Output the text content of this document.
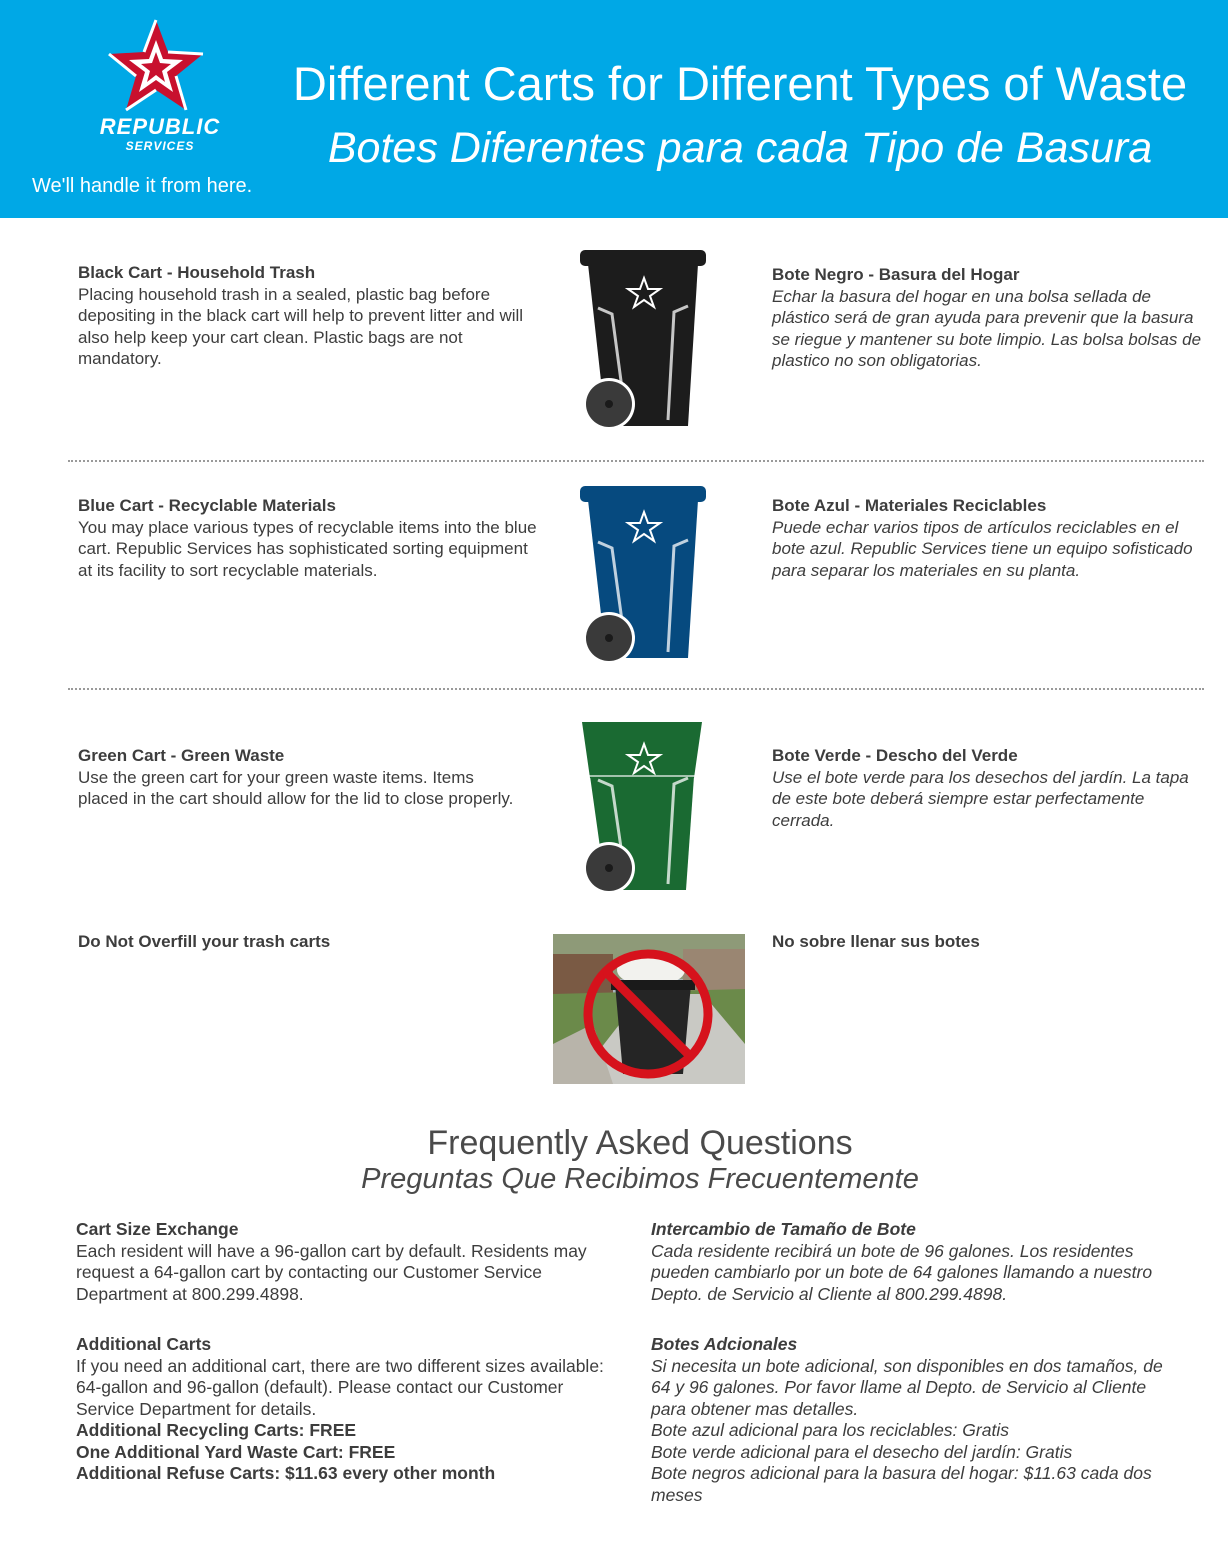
REPUBLIC
SERVICES
We'll handle it from here.
Different Carts for Different Types of Waste
Botes Diferentes para cada Tipo de Basura
Black Cart - Household Trash
Placing household trash in a sealed, plastic bag before depositing in the black cart will help to prevent litter and will also help keep your cart clean. Plastic bags are not mandatory.
Bote Negro - Basura del Hogar
Echar la basura del hogar en una bolsa sellada de plástico será de gran ayuda para prevenir que la basura se riegue y mantener su bote limpio. Las bolsa bolsas de plastico no son obligatorias.
Blue Cart - Recyclable Materials
You may place various types of recyclable items into the blue cart. Republic Services has sophisticated sorting equipment at its facility to sort recyclable materials.
Bote Azul - Materiales Reciclables
Puede echar varios tipos de artículos reciclables en el bote azul. Republic Services tiene un equipo sofisticado para separar los materiales en su planta.
Green Cart - Green Waste
Use the green cart for your green waste items. Items placed in the cart should allow for the lid to close properly.
Bote Verde - Descho del Verde
Use el bote verde para los desechos del jardín. La tapa de este bote deberá siempre estar perfectamente cerrada.
Do Not Overfill your trash carts	No sobre llenar sus botes
Frequently Asked Questions
Preguntas Que Recibimos Frecuentemente
Cart Size Exchange
Each resident will have a 96-gallon cart by default. Residents may request a 64-gallon cart by contacting our Customer Service Department at 800.299.4898.
Intercambio de Tamaño de Bote
Cada residente recibirá un bote de 96 galones. Los residentes pueden cambiarlo por un bote de 64 galones llamando a nuestro Depto. de Servicio al Cliente al 800.299.4898.
Additional Carts
If you need an additional cart, there are two different sizes available: 64-gallon and 96-gallon (default). Please contact our Customer Service Department for details.
Additional Recycling Carts: FREE
One Additional Yard Waste Cart: FREE
Additional Refuse Carts: $11.63 every other month
Botes Adcionales
Si necesita un bote adicional, son disponibles en dos tamaños, de 64 y 96 galones. Por favor llame al Depto. de Servicio al Cliente para obtener mas detalles.
Bote azul adicional para los reciclables: Gratis
Bote verde adicional para el desecho del jardín: Gratis
Bote negros adicional para la basura del hogar: $11.63 cada dos meses
